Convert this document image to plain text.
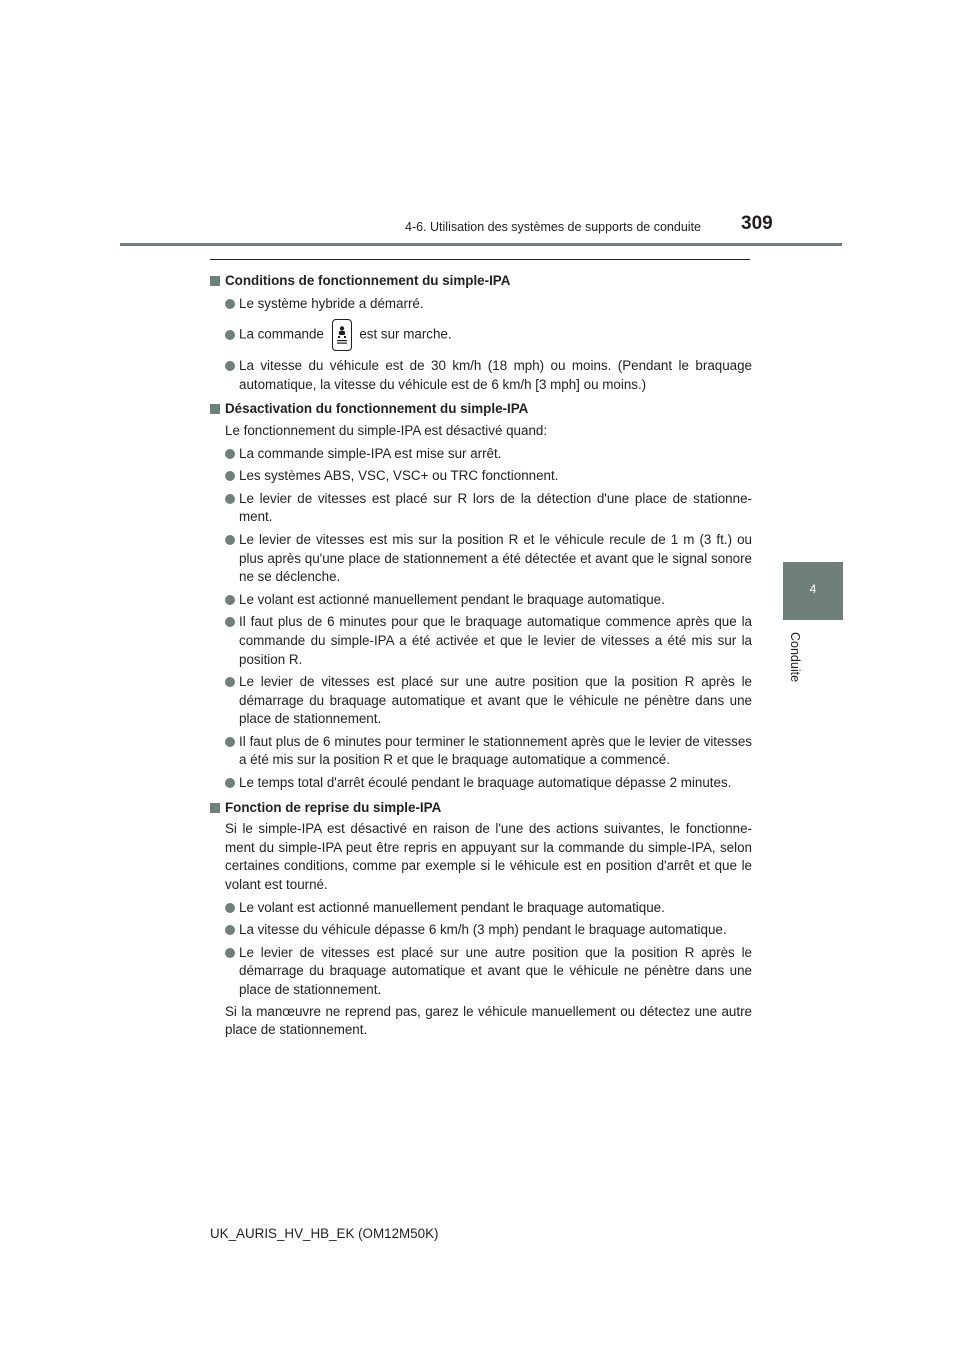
4-6. Utilisation des systèmes de supports de conduite 309
4
Conduite
Conditions de fonctionnement du simple-IPA
Le système hybride a démarré.
La commande	est sur marche.
La vitesse du véhicule est de 30 km/h (18 mph) ou moins. (Pendant le braquage automatique, la vitesse du véhicule est de 6 km/h [3 mph] ou moins.)
Désactivation du fonctionnement du simple-IPA
Le fonctionnement du simple-IPA est désactivé quand:
La commande simple-IPA est mise sur arrêt.
Les systèmes ABS, VSC, VSC+ ou TRC fonctionnent.
Le levier de vitesses est placé sur R lors de la détection d'une place de stationne-ment.
Le levier de vitesses est mis sur la position R et le véhicule recule de 1 m (3 ft.) ou plus après qu'une place de stationnement a été détectée et avant que le signal sonore ne se déclenche.
Le volant est actionné manuellement pendant le braquage automatique.
Il faut plus de 6 minutes pour que le braquage automatique commence après que la commande du simple-IPA a été activée et que le levier de vitesses a été mis sur la position R.
Le levier de vitesses est placé sur une autre position que la position R après le démarrage du braquage automatique et avant que le véhicule ne pénètre dans une place de stationnement.
Il faut plus de 6 minutes pour terminer le stationnement après que le levier de vitesses a été mis sur la position R et que le braquage automatique a commencé.
Le temps total d'arrêt écoulé pendant le braquage automatique dépasse 2 minutes.
Fonction de reprise du simple-IPA
Si le simple-IPA est désactivé en raison de l'une des actions suivantes, le fonctionne-ment du simple-IPA peut être repris en appuyant sur la commande du simple-IPA, selon certaines conditions, comme par exemple si le véhicule est en position d'arrêt et que le volant est tourné.
Le volant est actionné manuellement pendant le braquage automatique.
La vitesse du véhicule dépasse 6 km/h (3 mph) pendant le braquage automatique.
Le levier de vitesses est placé sur une autre position que la position R après le démarrage du braquage automatique et avant que le véhicule ne pénètre dans une place de stationnement.
Si la manœuvre ne reprend pas, garez le véhicule manuellement ou détectez une autre place de stationnement.
UK_AURIS_HV_HB_EK (OM12M50K)
